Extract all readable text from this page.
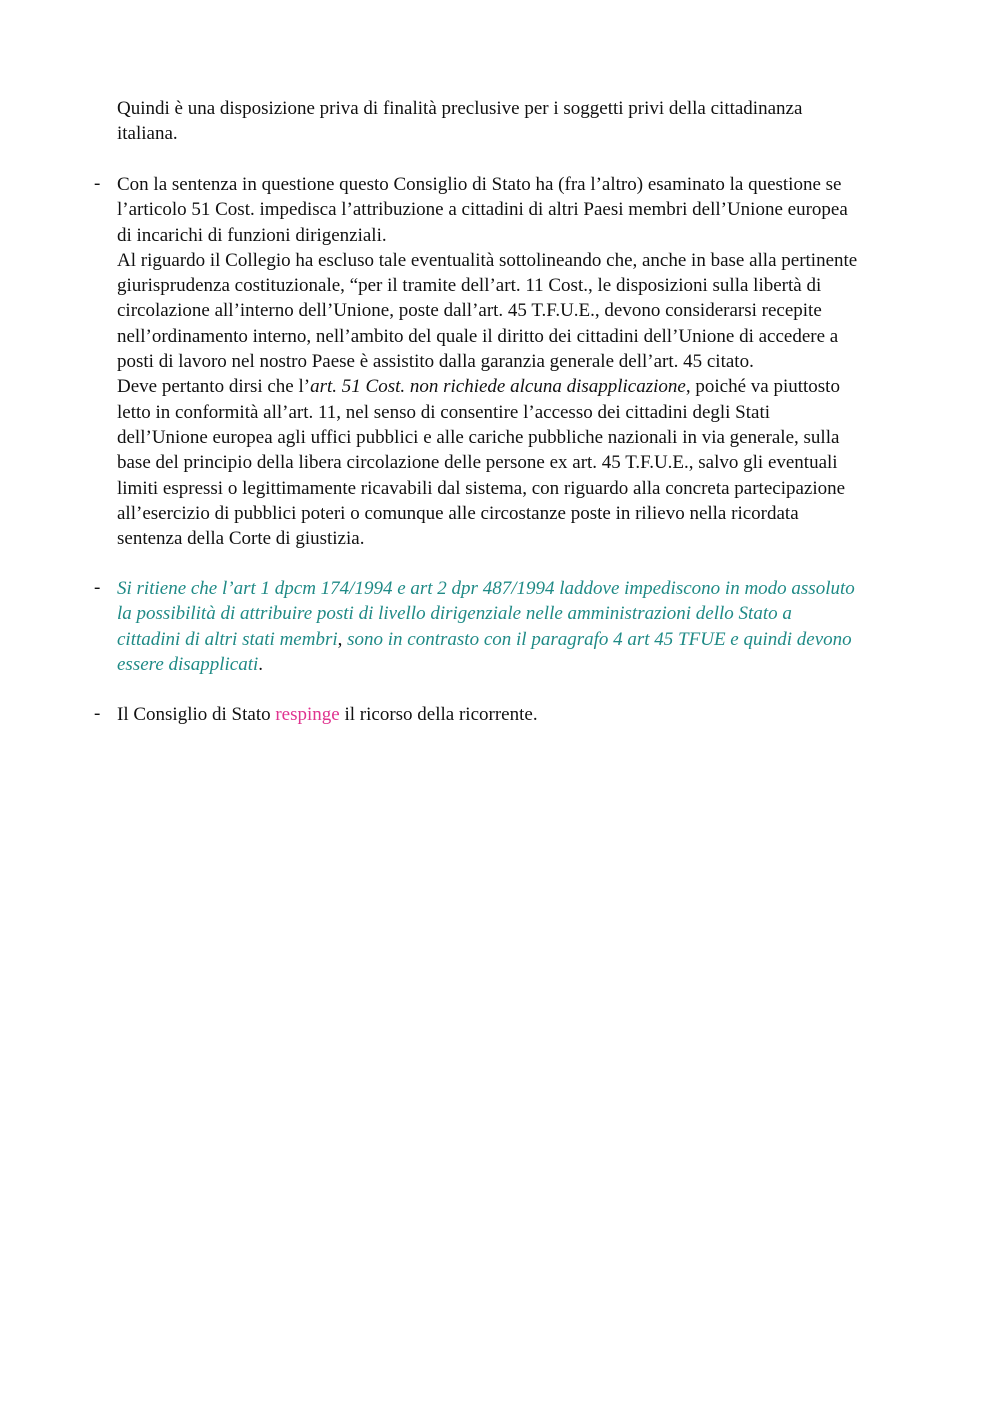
Quindi è una disposizione priva di finalità preclusive per i soggetti privi della cittadinanza
italiana.

- Con la sentenza in questione questo Consiglio di Stato ha (fra l’altro) esaminato la questione se
l’articolo 51 Cost. impedisca l’attribuzione a cittadini di altri Paesi membri dell’Unione europea
di incarichi di funzioni dirigenziali.
Al riguardo il Collegio ha escluso tale eventualità sottolineando che, anche in base alla pertinente
giurisprudenza costituzionale, “per il tramite dell’art. 11 Cost., le disposizioni sulla libertà di
circolazione all’interno dell’Unione, poste dall’art. 45 T.F.U.E., devono considerarsi recepite
nell’ordinamento interno, nell’ambito del quale il diritto dei cittadini dell’Unione di accedere a
posti di lavoro nel nostro Paese è assistito dalla garanzia generale dell’art. 45 citato.
Deve pertanto dirsi che l’art. 51 Cost. non richiede alcuna disapplicazione, poiché va piuttosto
letto in conformità all’art. 11, nel senso di consentire l’accesso dei cittadini degli Stati
dell’Unione europea agli uffici pubblici e alle cariche pubbliche nazionali in via generale, sulla
base del principio della libera circolazione delle persone ex art. 45 T.F.U.E., salvo gli eventuali
limiti espressi o legittimamente ricavabili dal sistema, con riguardo alla concreta partecipazione
all’esercizio di pubblici poteri o comunque alle circostanze poste in rilievo nella ricordata
sentenza della Corte di giustizia.
- Si ritiene che l’art 1 dpcm 174/1994 e art 2 dpr 487/1994 laddove impediscono in modo assoluto
la possibilità di attribuire posti di livello dirigenziale nelle amministrazioni dello Stato a
cittadini di altri stati membri, sono in contrasto con il paragrafo 4 art 45 TFUE e quindi devono
essere disapplicati.
- Il Consiglio di Stato respinge il ricorso della ricorrente.
